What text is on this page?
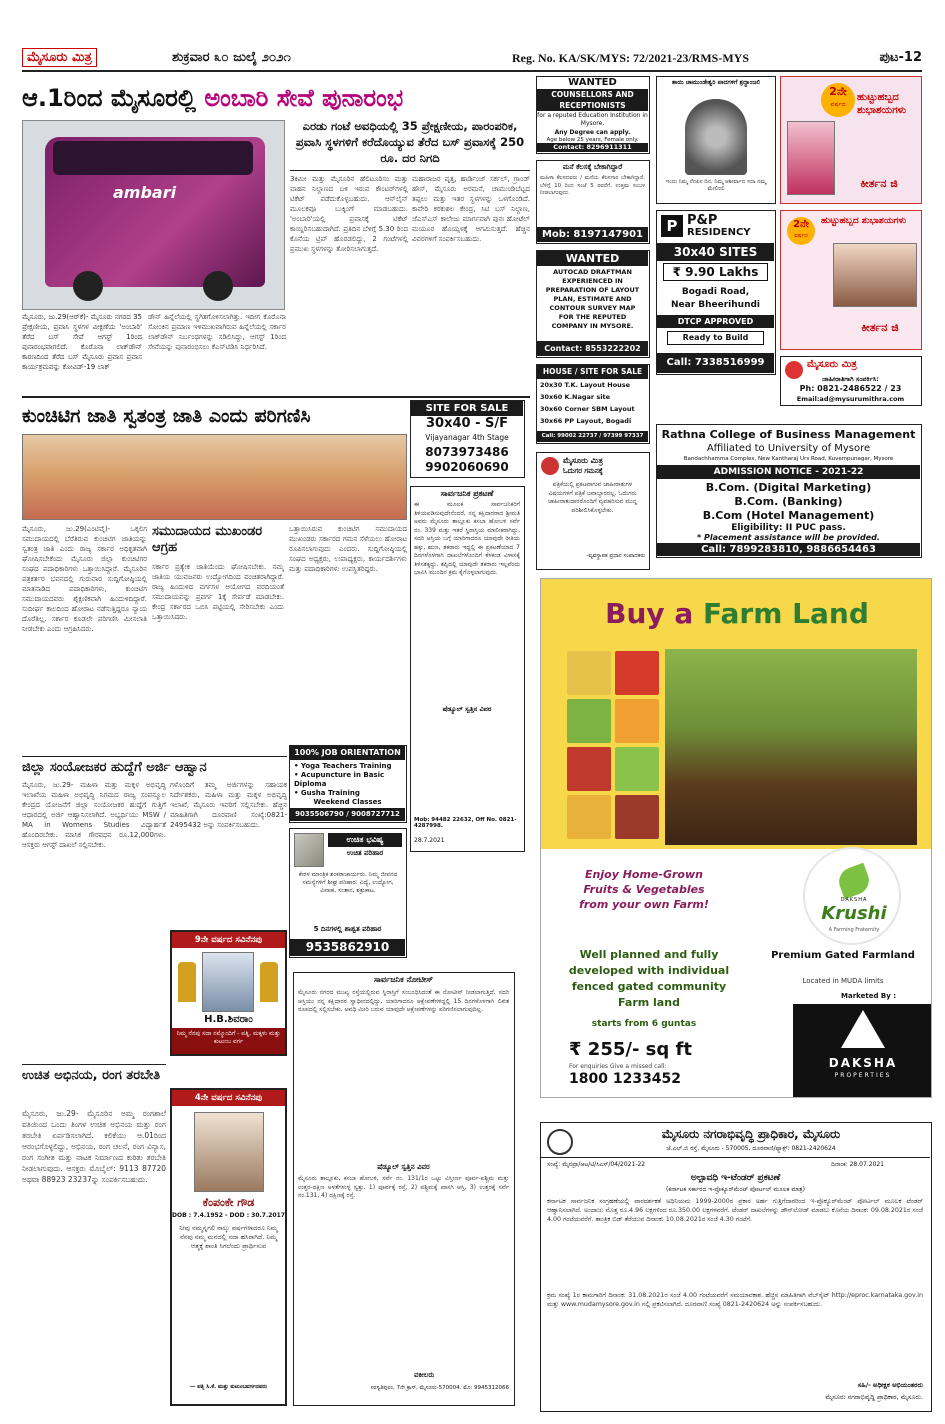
ಮೈಸೂರು ಮಿತ್ರ	ಶುಕ್ರವಾರ ೩೦ ಜುಲೈ ೨೦೨೧	Reg. No. KA/SK/MYS: 72/2021-23/RMS-MYS	ಪುಟ-12
ಆ.1ರಿಂದ ಮೈಸೂರಲ್ಲಿ ಅಂಬಾರಿ ಸೇವೆ ಪುನಾರಂಭ
ambari
ಎರಡು ಗಂಟೆ ಅವಧಿಯಲ್ಲಿ 35 ಪ್ರೇಕ್ಷಣೀಯ, ಪಾರಂಪರಿಕ, ಪ್ರವಾಸಿ ಸ್ಥಳಗಳಿಗೆ ಕರೆದೊಯ್ಯುವ ತೆರೆದ ಬಸ್ ಪ್ರವಾಸಕ್ಕೆ 250 ರೂ. ದರ ನಿಗದಿ
ಮೈಸೂರು, ಜು.29(ಆರ್‌ಕೆ)- ಮೈಸೂರು ನಗರದ 35 ಪ್ರೇಕ್ಷಣೀಯ, ಪ್ರವಾಸಿ ಸ್ಥಳಗಳ ವೀಕ್ಷಣೆಯ 'ಅಂಬಾರಿ' ತೆರೆದ ಬಸ್ ಸೇವೆ ಆಗಸ್ಟ್ 1ರಿಂದ ಪುನಾರಂಭವಾಗಲಿದೆ. ಕೊರೊನಾ ಲಾಕ್‌ಡೌನ್ ಕಾರಣದಿಂದ ತೆರೆದ ಬಸ್ ಮೈಸೂರು ಪ್ರವಾಸ ಪ್ರವಾಸ ಕಾರ್ಯಕ್ರಮವನ್ನು ಕೋವಿಡ್-19 ಲಾಕ್
ಡೌನ್ ಹಿನ್ನೆಲೆಯಲ್ಲಿ ಸ್ಥಗಿತಗೊಳಿಸಲಾಗಿತ್ತು. ಇದೀಗ ಕೊರೊನಾ ಸೋಂಕಿನ ಪ್ರಮಾಣ ಇಳಿಮುಖವಾಗಿರುವ ಹಿನ್ನೆಲೆಯಲ್ಲಿ ಸರ್ಕಾರ ಲಾಕ್‌ಡೌನ್ ನಿರ್ಬಂಧಗಳನ್ನು ಸಡಿಲಿಸಿದ್ದು, ಆಗಸ್ಟ್ 1ರಿಂದ ಸೇವೆಯನ್ನು ಪುನಾರಂಭಿಸಲು ಕೆಎಸ್‌ಟಿಡಿಸಿ ನಿರ್ಧರಿಸಿದೆ.
3ಕಿಮೀ ಮತ್ತು ಮೈಸೂರಿನ ಹೆಲಿಟೂರಿಸಂ ಮತ್ತು ವಾಹನ ನಿಲ್ದಾಣದ ಬಳಿ ಇರುವ ಕೌಂಟರ್‌ಗಳಲ್ಲಿ ಟಿಕೆಟ್ ಪಡೆದುಕೊಳ್ಳಬಹುದು. ಆನ್‌ಲೈನ್ ಮೂಲಕವೂ ಬುಕ್ಕಿಂಗ್ ಮಾಡಬಹುದು. 'ಅಂಬಾರಿ'ಯಲ್ಲಿ ಪ್ರವಾಸಕ್ಕೆ ಟಿಕೆಟ್ ಕಾಯ್ದಿರಿಸಬಹುದಾಗಿದೆ. ಪ್ರತಿದಿನ ಬೆಳಿಗ್ಗೆ 5.30 ರಿಂದ ಕೊನೆಯ ಟ್ರಿಪ್ ಹೊರಡಲಿದ್ದು, 2 ಗಂಟೆಗಳಲ್ಲಿ ಪ್ರಮುಖ ಸ್ಥಳಗಳನ್ನು ತೋರಿಸಲಾಗುತ್ತದೆ.
ಮಹಾರಾಜರ ವೃತ್ತ, ಹಾರ್ಡಿಂಜ್ ಸರ್ಕಲ್, ಗ್ರಾಂಡ್ ಹೌಸ್, ಮೈಸೂರು ಅರಮನೆ, ಚಾಮುಂಡಿಬೆಟ್ಟದ ತಪ್ಪಲು ಮತ್ತು ಇತರ ಸ್ಥಳಗಳನ್ನು ಒಳಗೊಂಡಿದೆ. ಕಾವೇರಿ ಕರಕುಶಲ ಕೇಂದ್ರ, ಸಿಟಿ ಬಸ್ ನಿಲ್ದಾಣ, ಜೆಎಸ್‌ಎಸ್ ಕಾಲೇಜು ಮಾರ್ಗವಾಗಿ ಪುನಃ ಹೋಟೆಲ್ ಮಯೂರ ಹೊಯ್ಸಳಕ್ಕೆ ಆಗಮಿಸುತ್ತದೆ. ಹೆಚ್ಚಿನ ವಿವರಗಳಿಗೆ ಸಂಪರ್ಕಿಸಬಹುದು.
ಕುಂಚಿಟಿಗ ಜಾತಿ ಸ್ವತಂತ್ರ ಜಾತಿ ಎಂದು ಪರಿಗಣಿಸಿ
ಮೈಸೂರು, ಜು.29(ಎಂಟಿವೈ)- ಒಕ್ಕಲಿಗ ಸಮುದಾಯದಲ್ಲಿ ಬೆರೆತಿರುವ ಕುಂಚಿಟಿಗ ಜಾತಿಯನ್ನು ಸ್ವತಂತ್ರ ಜಾತಿ ಎಂದು ರಾಜ್ಯ ಸರ್ಕಾರ ಅಧಿಕೃತವಾಗಿ ಘೋಷಿಸಬೇಕೆಂದು ಮೈಸೂರು ಜಿಲ್ಲಾ ಕುಂಚಿಟಿಗರ ಸಂಘದ ಪದಾಧಿಕಾರಿಗಳು ಒತ್ತಾಯಿಸಿದ್ದಾರೆ. ಮೈಸೂರಿನ ಪತ್ರಕರ್ತರ ಭವನದಲ್ಲಿ ಗುರುವಾರ ಸುದ್ದಿಗೋಷ್ಠಿಯಲ್ಲಿ ಮಾತನಾಡಿದ ಪದಾಧಿಕಾರಿಗಳು, ಕುಂಚಿಟಿಗ ಸಮುದಾಯದವರು ಶೈಕ್ಷಣಿಕವಾಗಿ ಹಿಂದುಳಿದಿದ್ದಾರೆ. ಸುದೀರ್ಘ ಕಾಲದಿಂದ ಹೋರಾಟ ನಡೆಸುತ್ತಿದ್ದರೂ ನ್ಯಾಯ ದೊರೆತಿಲ್ಲ. ಸರ್ಕಾರ ಕೂಡಲೇ ಪರಿಗಣಿಸಿ ಮೀಸಲಾತಿ ನೀಡಬೇಕು ಎಂದು ಆಗ್ರಹಿಸಿದರು.
ಸಮುದಾಯದ ಮುಖಂಡರ ಆಗ್ರಹ
ಸರ್ಕಾರ ಪ್ರತ್ಯೇಕ ಜಾತಿಯೆಂದು ಘೋಷಿಸಬೇಕು. ನಮ್ಮ ಜಾತಿಯ ಯುವಜನರು ಉದ್ಯೋಗದಿಂದ ವಂಚಿತರಾಗಿದ್ದಾರೆ. ರಾಜ್ಯ ಹಿಂದುಳಿದ ವರ್ಗಗಳ ಆಯೋಗದ ವರದಿಯಂತೆ ಸಮುದಾಯವನ್ನು ಪ್ರವರ್ಗ 1ಕ್ಕೆ ಸೇರ್ಪಡೆ ಮಾಡಬೇಕು. ಕೇಂದ್ರ ಸರ್ಕಾರದ ಒಬಿಸಿ ಪಟ್ಟಿಯಲ್ಲಿ ಸೇರಿಸಬೇಕು ಎಂದು ಒತ್ತಾಯಿಸಿದರು.
ಒತ್ತಾಯಿಸಿರುವ ಕುಂಚಿಟಿಗ ಸಮುದಾಯದ ಮುಖಂಡರು ಸರ್ಕಾರದ ಗಮನ ಸೆಳೆಯಲು ಹೋರಾಟ ರೂಪಿಸಲಾಗುವುದು ಎಂದರು. ಸುದ್ದಿಗೋಷ್ಠಿಯಲ್ಲಿ ಸಂಘದ ಅಧ್ಯಕ್ಷರು, ಉಪಾಧ್ಯಕ್ಷರು, ಕಾರ್ಯದರ್ಶಿಗಳು ಮತ್ತು ಪದಾಧಿಕಾರಿಗಳು ಉಪಸ್ಥಿತರಿದ್ದರು.
ಜಿಲ್ಲಾ ಸಂಯೋಜಕರ ಹುದ್ದೆಗೆ ಅರ್ಜಿ ಆಹ್ವಾನ
ಮೈಸೂರು, ಜು.29- ಮಹಿಳಾ ಮತ್ತು ಮಕ್ಕಳ ಅಭಿವೃದ್ಧಿ ಇಲಾಖೆಯ ಮಹಿಳಾ ಅಭಿವೃದ್ಧಿ ನಿಗಮದ ರಾಜ್ಯ ಸಂಪನ್ಮೂಲ ಕೇಂದ್ರದ ಯೋಜನೆಗೆ ಜಿಲ್ಲಾ ಸಂಯೋಜಕರ ಹುದ್ದೆಗೆ ಗುತ್ತಿಗೆ ಆಧಾರದಲ್ಲಿ ಅರ್ಜಿ ಆಹ್ವಾನಿಸಲಾಗಿದೆ. ಅಭ್ಯರ್ಥಿಯು MSW / MA in Womens Studies ವಿದ್ಯಾರ್ಹತೆ ಹೊಂದಿರಬೇಕು. ಮಾಸಿಕ ಗೌರವಧನ ರೂ.12,000ಗಳು. ಆಸಕ್ತರು ಆಗಸ್ಟ್ ದಾಖಲೆ ಸಲ್ಲಿಸಬೇಕು.
ಗಳೊಂದಿಗೆ ತಮ್ಮ ಅರ್ಜಿಗಳನ್ನು ಸಹಾಯಕ ನಿರ್ದೇಶಕರು, ಮಹಿಳಾ ಮತ್ತು ಮಕ್ಕಳ ಅಭಿವೃದ್ಧಿ ಇಲಾಖೆ, ಮೈಸೂರು ಇವರಿಗೆ ಸಲ್ಲಿಸಬೇಕು. ಹೆಚ್ಚಿನ ಮಾಹಿತಿಗಾಗಿ ದೂರವಾಣಿ ಸಂಖ್ಯೆ:0821-2495432 ಅನ್ನು ಸಂಪರ್ಕಿಸಬಹುದು.
ಉಚಿತ ಅಭಿನಯ, ರಂಗ ತರಬೇತಿ
ಮೈಸೂರು, ಜು.29- ಮೈಸೂರಿನ ಅಮ್ಮ ರಂಗಶಾಲೆ ವತಿಯಿಂದ ಒಂದು ತಿಂಗಳ ಉಚಿತ ಅಭಿನಯ ಮತ್ತು ರಂಗ ತರಬೇತಿ ಏರ್ಪಡಿಸಲಾಗಿದೆ. ಕಲಿಕೆಯು ಆ.01ರಿಂದ ಆರಂಭಗೊಳ್ಳಲಿದ್ದು, ಅಭಿನಯ, ರಂಗ ಚಲನೆ, ರಂಗ ವಿನ್ಯಾಸ, ರಂಗ ಸಂಗೀತ ಮತ್ತು ನಾಟಕ ನಿರ್ಮಾಣದ ಕುರಿತು ತರಬೇತಿ ನೀಡಲಾಗುವುದು. ಆಸಕ್ತರು ಮೊಬೈಲ್: 9113 87720 ಅಥವಾ 88923 23237ನ್ನು ಸಂಪರ್ಕಿಸಬಹುದು.
9ನೇ ವರ್ಷದ ಸವಿನೆನಪು
H.B.ಶಿವರಾಂ
ನಿಮ್ಮ ನೆನಪು ಸದಾ ನಮ್ಮೊಂದಿಗೆ - ಪತ್ನಿ, ಮಕ್ಕಳು ಮತ್ತು ಕುಟುಂಬ ವರ್ಗ
4ನೇ ವರ್ಷದ ಸವಿನೆನಪು
ಕೆಂಪಂಕೇ ಗೌಡ
DOB : 7.4.1952 - DOD : 30.7.2017
ನೀವು ನಮ್ಮನ್ನಗಲಿ ನಾಲ್ಕು ವರ್ಷಗಳಾದರೂ ನಿಮ್ಮ ನೆನಪು ನಮ್ಮ ಮನದಲ್ಲಿ ಸದಾ ಹಸಿರಾಗಿದೆ. ನಿಮ್ಮ ಆತ್ಮಕ್ಕೆ ಶಾಂತಿ ಸಿಗಲೆಂದು ಪ್ರಾರ್ಥಿಸುವ
— ಪತ್ನಿ ಸಿ.ಕೆ. ಮತ್ತು ಕುಟುಂಬವರ್ಗದವರು
ಸಾರ್ವಜನಿಕ ನೋಟೀಸ್
ಮೈಸೂರು ನಗರದ ಮುಖ್ಯ ರಸ್ತೆಯಲ್ಲಿರುವ ಸ್ಥಿರಾಸ್ತಿಗೆ ಸಂಬಂಧಿಸಿದಂತೆ ಈ ನೋಟೀಸ್ ನೀಡಲಾಗುತ್ತಿದೆ. ಸದರಿ ಆಸ್ತಿಯು ನನ್ನ ಕಕ್ಷಿದಾರರ ಸ್ವಾಧೀನದಲ್ಲಿದ್ದು, ಯಾರಿಗಾದರೂ ಆಕ್ಷೇಪಣೆಗಳಿದ್ದಲ್ಲಿ 15 ದಿನಗಳೊಳಗಾಗಿ ಲಿಖಿತ ರೂಪದಲ್ಲಿ ಸಲ್ಲಿಸಬೇಕು. ಅವಧಿ ಮೀರಿ ಬರುವ ಯಾವುದೇ ಆಕ್ಷೇಪಣೆಗಳನ್ನು ಪರಿಗಣಿಸಲಾಗುವುದಿಲ್ಲ.
ಷೆಡ್ಯೂಲ್ ಸ್ವತ್ತಿನ ವಿವರ
ಮೈಸೂರು ತಾಲ್ಲೂಕು, ಕಸಬಾ ಹೋಬಳಿ, ಸರ್ವೆ ನಂ. 131/1ರ ಒಟ್ಟು ವಿಸ್ತೀರ್ಣ ಪೂರ್ವ-ಪಶ್ಚಿಮ ಮತ್ತು ಉತ್ತರ-ದಕ್ಷಿಣ ಅಳತೆಗಳುಳ್ಳ ಸ್ವತ್ತು. 1) ಪೂರ್ವಕ್ಕೆ ರಸ್ತೆ, 2) ಪಶ್ಚಿಮಕ್ಕೆ ಖಾಸಗಿ ಆಸ್ತಿ, 3) ಉತ್ತರಕ್ಕೆ ಸರ್ವೆ ನಂ.131, 4) ದಕ್ಷಿಣಕ್ಕೆ ರಸ್ತೆ.
ವಕೀಲರು
ಸರಸ್ವತಿಪುರಂ, 7ನೇ ಕ್ರಾಸ್, ಮೈಸೂರು-570004. ಮೊ: 9945312066
100% JOB ORIENTATION
• Yoga Teachers Training
• Acupuncture in Basic Diploma
• Gusha Training
Weekend Classes
9035506790 / 9008727712
ಉಚಿತ ಭವಿಷ್ಯ
ಉಚಿತ ಪರಿಹಾರ
ಕೇರಳ ಮಾಂತ್ರಿಕ ಶಂಕರಾಚಾರ್ಯರು. ನಿಮ್ಮ ಜೀವನದ ಸಮಸ್ಯೆಗಳಿಗೆ ಶೀಘ್ರ ಪರಿಹಾರ: ವಿದ್ಯೆ, ಉದ್ಯೋಗ, ವಿವಾಹ, ಸಂತಾನ, ಶತ್ರುಕಾಟ.
5 ದಿನಗಳಲ್ಲಿ ಶಾಶ್ವತ ಪರಿಹಾರ
9535862910
SITE FOR SALE
30x40 - S/F
Vijayanagar 4th Stage
8073973486
9902060690
ಸಾರ್ವಜನಿಕ ಪ್ರಕಟಣೆ
ಈ ಮೂಲಕ ಸಾರ್ವಜನಿಕರಿಗೆ ತಿಳಿಯಪಡಿಸುವುದೇನೆಂದರೆ, ನನ್ನ ಕಕ್ಷಿದಾರರಾದ ಶ್ರೀಮತಿ ಅವರು ಮೈಸೂರು ತಾಲ್ಲೂಕು ಕಸಬಾ ಹೋಬಳಿ ಸರ್ವೆ ನಂ. 339 ಮತ್ತು ಇತರೆ ಸ್ಥಿರಾಸ್ತಿಯ ಮಾಲೀಕರಾಗಿದ್ದು, ಸದರಿ ಆಸ್ತಿಯ ಬಗ್ಗೆ ಯಾರಿಗಾದರೂ ಯಾವುದೇ ರೀತಿಯ ಹಕ್ಕು, ಋಣ, ತಕರಾರು ಇದ್ದಲ್ಲಿ ಈ ಪ್ರಕಟಣೆಯಾದ 7 ದಿನಗಳೊಳಗಾಗಿ ದಾಖಲೆಗಳೊಂದಿಗೆ ಕೆಳಕಂಡ ವಿಳಾಸಕ್ಕೆ ತಿಳಿಸತಕ್ಕದ್ದು. ತಪ್ಪಿದಲ್ಲಿ ಯಾವುದೇ ತಕರಾರು ಇಲ್ಲವೆಂದು ಭಾವಿಸಿ ಮುಂದಿನ ಕ್ರಮ ಕೈಗೊಳ್ಳಲಾಗುವುದು.
ಷೆಡ್ಯೂಲ್ ಸ್ವತ್ತಿನ ವಿವರ
Mob: 94482 22632, Off No. 0821-4287998.
28.7.2021
WANTED
COUNSELLORS AND
RECEPTIONISTS
for a reputed Education Institution in Mysore.
Any Degree can apply.
Age below 25 years, Female only.
Contact: 8296911311
ತಾಯಿ ಚಾಮುಂಡೇಶ್ವರಿ ಪಾದಗಳಿಗೆ ಶ್ರದ್ಧಾಂಜಲಿ
ಇಂದು ನಿಮ್ಮ ನೆನಪಿನ ದಿನ, ನಿಮ್ಮ ಆಶೀರ್ವಾದ ಸದಾ ನಮ್ಮ ಮೇಲಿರಲಿ
2ನೇ
ವರ್ಷದ
ಹುಟ್ಟುಹಬ್ಬದ ಶುಭಾಶಯಗಳು
ಕೀರ್ತನ ಜಿ
ಮನೆ ಕೆಲಸಕ್ಕೆ ಬೇಕಾಗಿದ್ದಾರೆ
ಮಹಿಳಾ ಕೆಲಸದವರು / ಮನೆಯ ಕೆಲಸಗಾರ ಬೇಕಾಗಿದ್ದಾರೆ. ಬೆಳಿಗ್ಗೆ 10 ರಿಂದ ಸಂಜೆ 5 ರವರೆಗೆ. ಉತ್ತಮ ಸಂಬಳ ನೀಡಲಾಗುವುದು.
Mob: 8197147901	P P&P
RESIDENCY
30x40 SITES
₹ 9.90 Lakhs
Bogadi Road,
Near Bheerihundi
DTCP APPROVED
Ready to Build
Call: 7338516999
2ನೇ
ವರ್ಷದ
ಹುಟ್ಟುಹಬ್ಬದ ಶುಭಾಶಯಗಳು
ಕೀರ್ತನ ಜಿ
ಮೈಸೂರು ಮಿತ್ರ
ಜಾಹೀರಾತಿಗಾಗಿ ಸಂಪರ್ಕಿಸಿ:
Ph: 0821-2486522 / 23
Email:ad@mysurumithra.com
WANTED
AUTOCAD DRAFTMAN
EXPERIENCED IN
PREPARATION OF LAYOUT
PLAN, ESTIMATE AND
CONTOUR SURVEY MAP
FOR THE REPUTED
COMPANY IN MYSORE.
Contact: 8553222202
HOUSE / SITE FOR SALE
20x30 T.K. Layout House
30x60 K.Nagar site
30x60 Corner SBM Layout
30x66 PP Layout, Bogadi
Call: 99002 22737 / 97399 97337
ಮೈಸೂರು ಮಿತ್ರ
ಓದುಗರ ಗಮನಕ್ಕೆ
ಪತ್ರಿಕೆಯಲ್ಲಿ ಪ್ರಕಟವಾಗುವ ಜಾಹೀರಾತುಗಳ ವಿಷಯಗಳಿಗೆ ಪತ್ರಿಕೆ ಜವಾಬ್ದಾರರಲ್ಲ. ಓದುಗರು ಜಾಹೀರಾತುದಾರರೊಂದಿಗೆ ವ್ಯವಹರಿಸುವ ಮುನ್ನ ಪರಿಶೀಲಿಸಿಕೊಳ್ಳಬೇಕು.
-ವ್ಯವಸ್ಥಾಪಕ ಪ್ರಧಾನ ಸಂಪಾದಕರು
Rathna College of Business Management
Affiliated to University of Mysore
Bandachhamma Complex, New Kantharaj Urs Road, Kuvempunagar, Mysore
ADMISSION NOTICE - 2021-22
B.Com. (Digital Marketing)
B.Com. (Banking)
B.Com (Hotel Management)
Eligibility: II PUC pass.
* Placement assistance will be provided.
Call: 7899283810, 9886654463
Buy a Farm Land
Enjoy Home-Grown Fruits & Vegetables from your own Farm!
Well planned and fully developed with individual fenced gated community Farm land
starts from 6 guntas
₹ 255/- sq ft
For enquiries Give a missed call:
1800 1233452
DAKSHA
Krushi
A Farming Fraternity
Premium Gated Farmland
Located in MUDA limits
Marketed By :
DAKSHA
PROPERTIES
ಮೈಸೂರು ನಗರಾಭಿವೃದ್ಧಿ ಪ್ರಾಧಿಕಾರ, ಮೈಸೂರು
ಜೆ.ಎಲ್.ಬಿ ರಸ್ತೆ, ಮೈಸೂರು - 570005, ದೂರವಾಣಿ/ಫ್ಯಾಕ್ಸ್: 0821-2420624
ಸಂಖ್ಯೆ: ಮೈನಪ್ರಾ/ಆಟ/ಟಿ/ಸಿಎಸ್/04/2021-22	ದಿನಾಂಕ: 28.07.2021
ಅಲ್ಪಾವಧಿ ಇ-ಟೆಂಡರ್ ಪ್ರಕಟಣೆ
(ಕರ್ನಾಟಕ ಸರ್ಕಾರದ ಇ-ಪ್ರೊಕ್ಯೂರ್‌ಮೆಂಟ್ ಪೋರ್ಟಲ್ ಮೂಲಕ ಮಾತ್ರ)
ಕರ್ನಾಟಕ ಸಾರ್ವಜನಿಕ ಸಂಗ್ರಹಣೆಯಲ್ಲಿ ಪಾರದರ್ಶಕತೆ ಅಧಿನಿಯಮ 1999-2000ರ ಪ್ರಕಾರ ಅರ್ಹ ಗುತ್ತಿಗೆದಾರರಿಂದ ಇ-ಪ್ರೊಕ್ಯೂರ್‌ಮೆಂಟ್ ಪೋರ್ಟಲ್ ಮೂಲಕ ಟೆಂಡರ್ ಆಹ್ವಾನಿಸಲಾಗಿದೆ. ಅಂದಾಜು ಮೊತ್ತ ರೂ.4.96 ಲಕ್ಷಗಳಿಂದ ರೂ.350.00 ಲಕ್ಷಗಳವರೆಗೆ. ಟೆಂಡರ್ ದಾಖಲೆಗಳನ್ನು ಡೌನ್‌ಲೋಡ್ ಮಾಡಲು ಕೊನೆಯ ದಿನಾಂಕ: 09.08.2021ರ ಸಂಜೆ 4.00 ಗಂಟೆಯವರೆಗೆ. ತಾಂತ್ರಿಕ ಬಿಡ್ ತೆರೆಯುವ ದಿನಾಂಕ: 10.08.2021ರ ಸಂಜೆ 4.30 ಗಂಟೆಗೆ.
ಕ್ರಮ ಸಂಖ್ಯೆ 1ರ ಕಾಮಗಾರಿಗೆ ದಿನಾಂಕ: 31.08.2021ರ ಸಂಜೆ 4.00 ಗಂಟೆಯವರೆಗೆ ಸಮಯಾವಕಾಶ. ಹೆಚ್ಚಿನ ಮಾಹಿತಿಗಾಗಿ ವೆಬ್‌ಸೈಟ್ http://eproc.karnataka.gov.in ಮತ್ತು www.mudamysore.gov.in ನಲ್ಲಿ ಪ್ರಕಟಿಸಲಾಗಿದೆ. ದೂರವಾಣಿ ಸಂಖ್ಯೆ 0821-2420624 ಅನ್ನು ಸಂಪರ್ಕಿಸಬಹುದು.
ಸಹಿ/- ಅಧೀಕ್ಷಕ ಅಭಿಯಂತರರು
ಮೈಸೂರು ನಗರಾಭಿವೃದ್ಧಿ ಪ್ರಾಧಿಕಾರ, ಮೈಸೂರು.
